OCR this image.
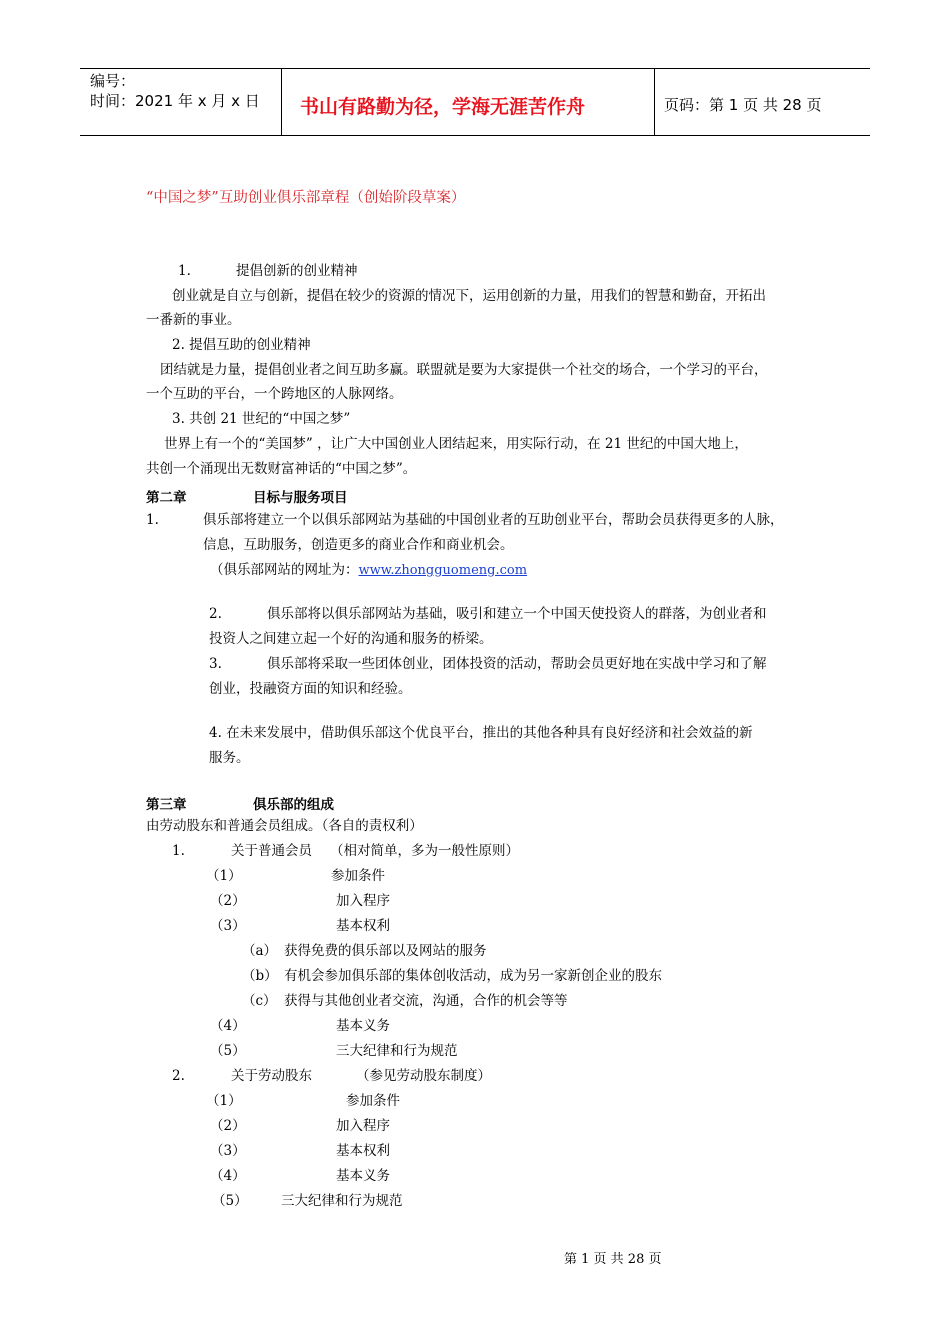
编号：
时间：2021 年 x 月 x 日 书山有路勤为径，学海无涯苦作舟	页码：第 1 页 共 28 页
“中国之梦”互助创业俱乐部章程（创始阶段草案）
1.	提倡创新的创业精神
创业就是自立与创新，提倡在较少的资源的情况下，运用创新的力量，用我们的智慧和勤奋，开拓出
一番新的事业。
2. 提倡互助的创业精神
团结就是力量，提倡创业者之间互助多赢。联盟就是要为大家提供一个社交的场合，一个学习的平台，
一个互助的平台，一个跨地区的人脉网络。
3. 共创 21 世纪的“中国之梦”
世界上有一个的“美国梦” ，让广大中国创业人团结起来，用实际行动，在 21 世纪的中国大地上，
共创一个涌现出无数财富神话的“中国之梦”。
第二章	目标与服务项目
1.	俱乐部将建立一个以俱乐部网站为基础的中国创业者的互助创业平台，帮助会员获得更多的人脉，
信息，互助服务，创造更多的商业合作和商业机会。
（俱乐部网站的网址为：www.zhongguomeng.com
2.	俱乐部将以俱乐部网站为基础，吸引和建立一个中国天使投资人的群落，为创业者和
投资人之间建立起一个好的沟通和服务的桥梁。
3.	俱乐部将采取一些团体创业，团体投资的活动，帮助会员更好地在实战中学习和了解
创业，投融资方面的知识和经验。
4. 在未来发展中，借助俱乐部这个优良平台，推出的其他各种具有良好经济和社会效益的新
服务。
第三章	俱乐部的组成
由劳动股东和普通会员组成。（各自的责权利）
1.	关于普通会员 （相对简单，多为一般性原则）
（1）	参加条件
（2）	加入程序
（3）	基本权利
（a） 获得免费的俱乐部以及网站的服务
（b） 有机会参加俱乐部的集体创收活动，成为另一家新创企业的股东
（c） 获得与其他创业者交流，沟通，合作的机会等等
（4）	基本义务
（5）	三大纪律和行为规范
2.	关于劳动股东	（参见劳动股东制度）
（1）	参加条件
（2）	加入程序
（3）	基本权利
（4）	基本义务
（5） 三大纪律和行为规范
第 1 页 共 28 页
